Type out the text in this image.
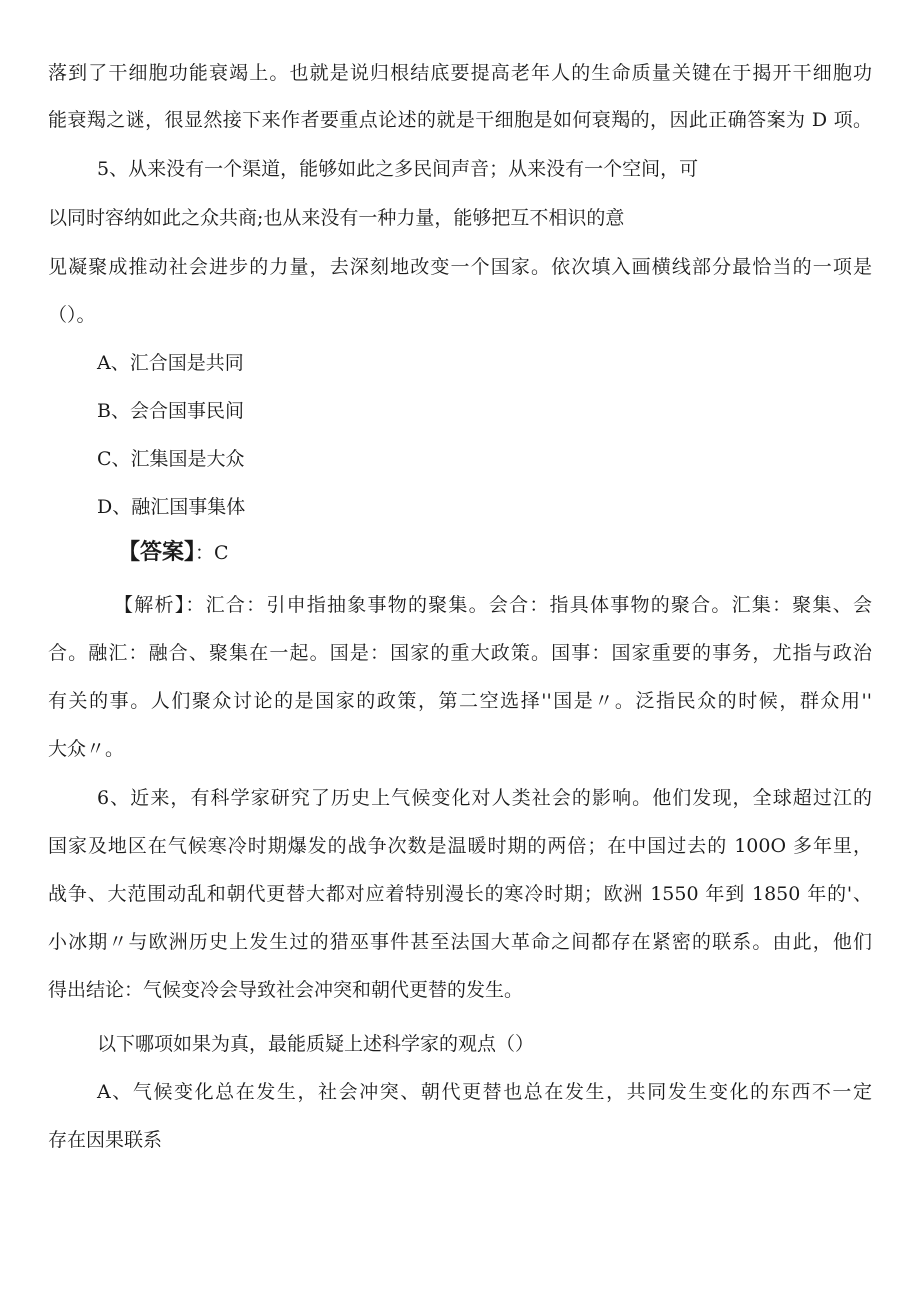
落到了干细胞功能衰竭上。也就是说归根结底要提高老年人的生命质量关键在于揭开干细胞功
能衰羯之谜，很显然接下来作者要重点论述的就是干细胞是如何衰羯的，因此正确答案为 D 项。
5、从来没有一个渠道，能够如此之多民间声音；从来没有一个空间，可
以同时容纳如此之众共商;也从来没有一种力量，能够把互不相识的意
见凝聚成推动社会进步的力量，去深刻地改变一个国家。依次填入画横线部分最恰当的一项是
（）。
A、汇合国是共同
B、会合国事民间
C、汇集国是大众
D、融汇国事集体
【答案】：C
【解析】：汇合：引申指抽象事物的聚集。会合：指具体事物的聚合。汇集：聚集、会
合。融汇：融合、聚集在一起。国是：国家的重大政策。国事：国家重要的事务，尤指与政治
有关的事。人们聚众讨论的是国家的政策，第二空选择''国是〃。泛指民众的时候，群众用''
大众〃。
6、近来，有科学家研究了历史上气候变化对人类社会的影响。他们发现，全球超过江的
国家及地区在气候寒冷时期爆发的战争次数是温暖时期的两倍；在中国过去的 100O 多年里，
战争、大范围动乱和朝代更替大都对应着特别漫长的寒冷时期；欧洲 1550 年到 1850 年的'、
小冰期〃与欧洲历史上发生过的猎巫事件甚至法国大革命之间都存在紧密的联系。由此，他们
得出结论：气候变冷会导致社会冲突和朝代更替的发生。
以下哪项如果为真，最能质疑上述科学家的观点（）
A、气候变化总在发生，社会冲突、朝代更替也总在发生，共同发生变化的东西不一定
存在因果联系
